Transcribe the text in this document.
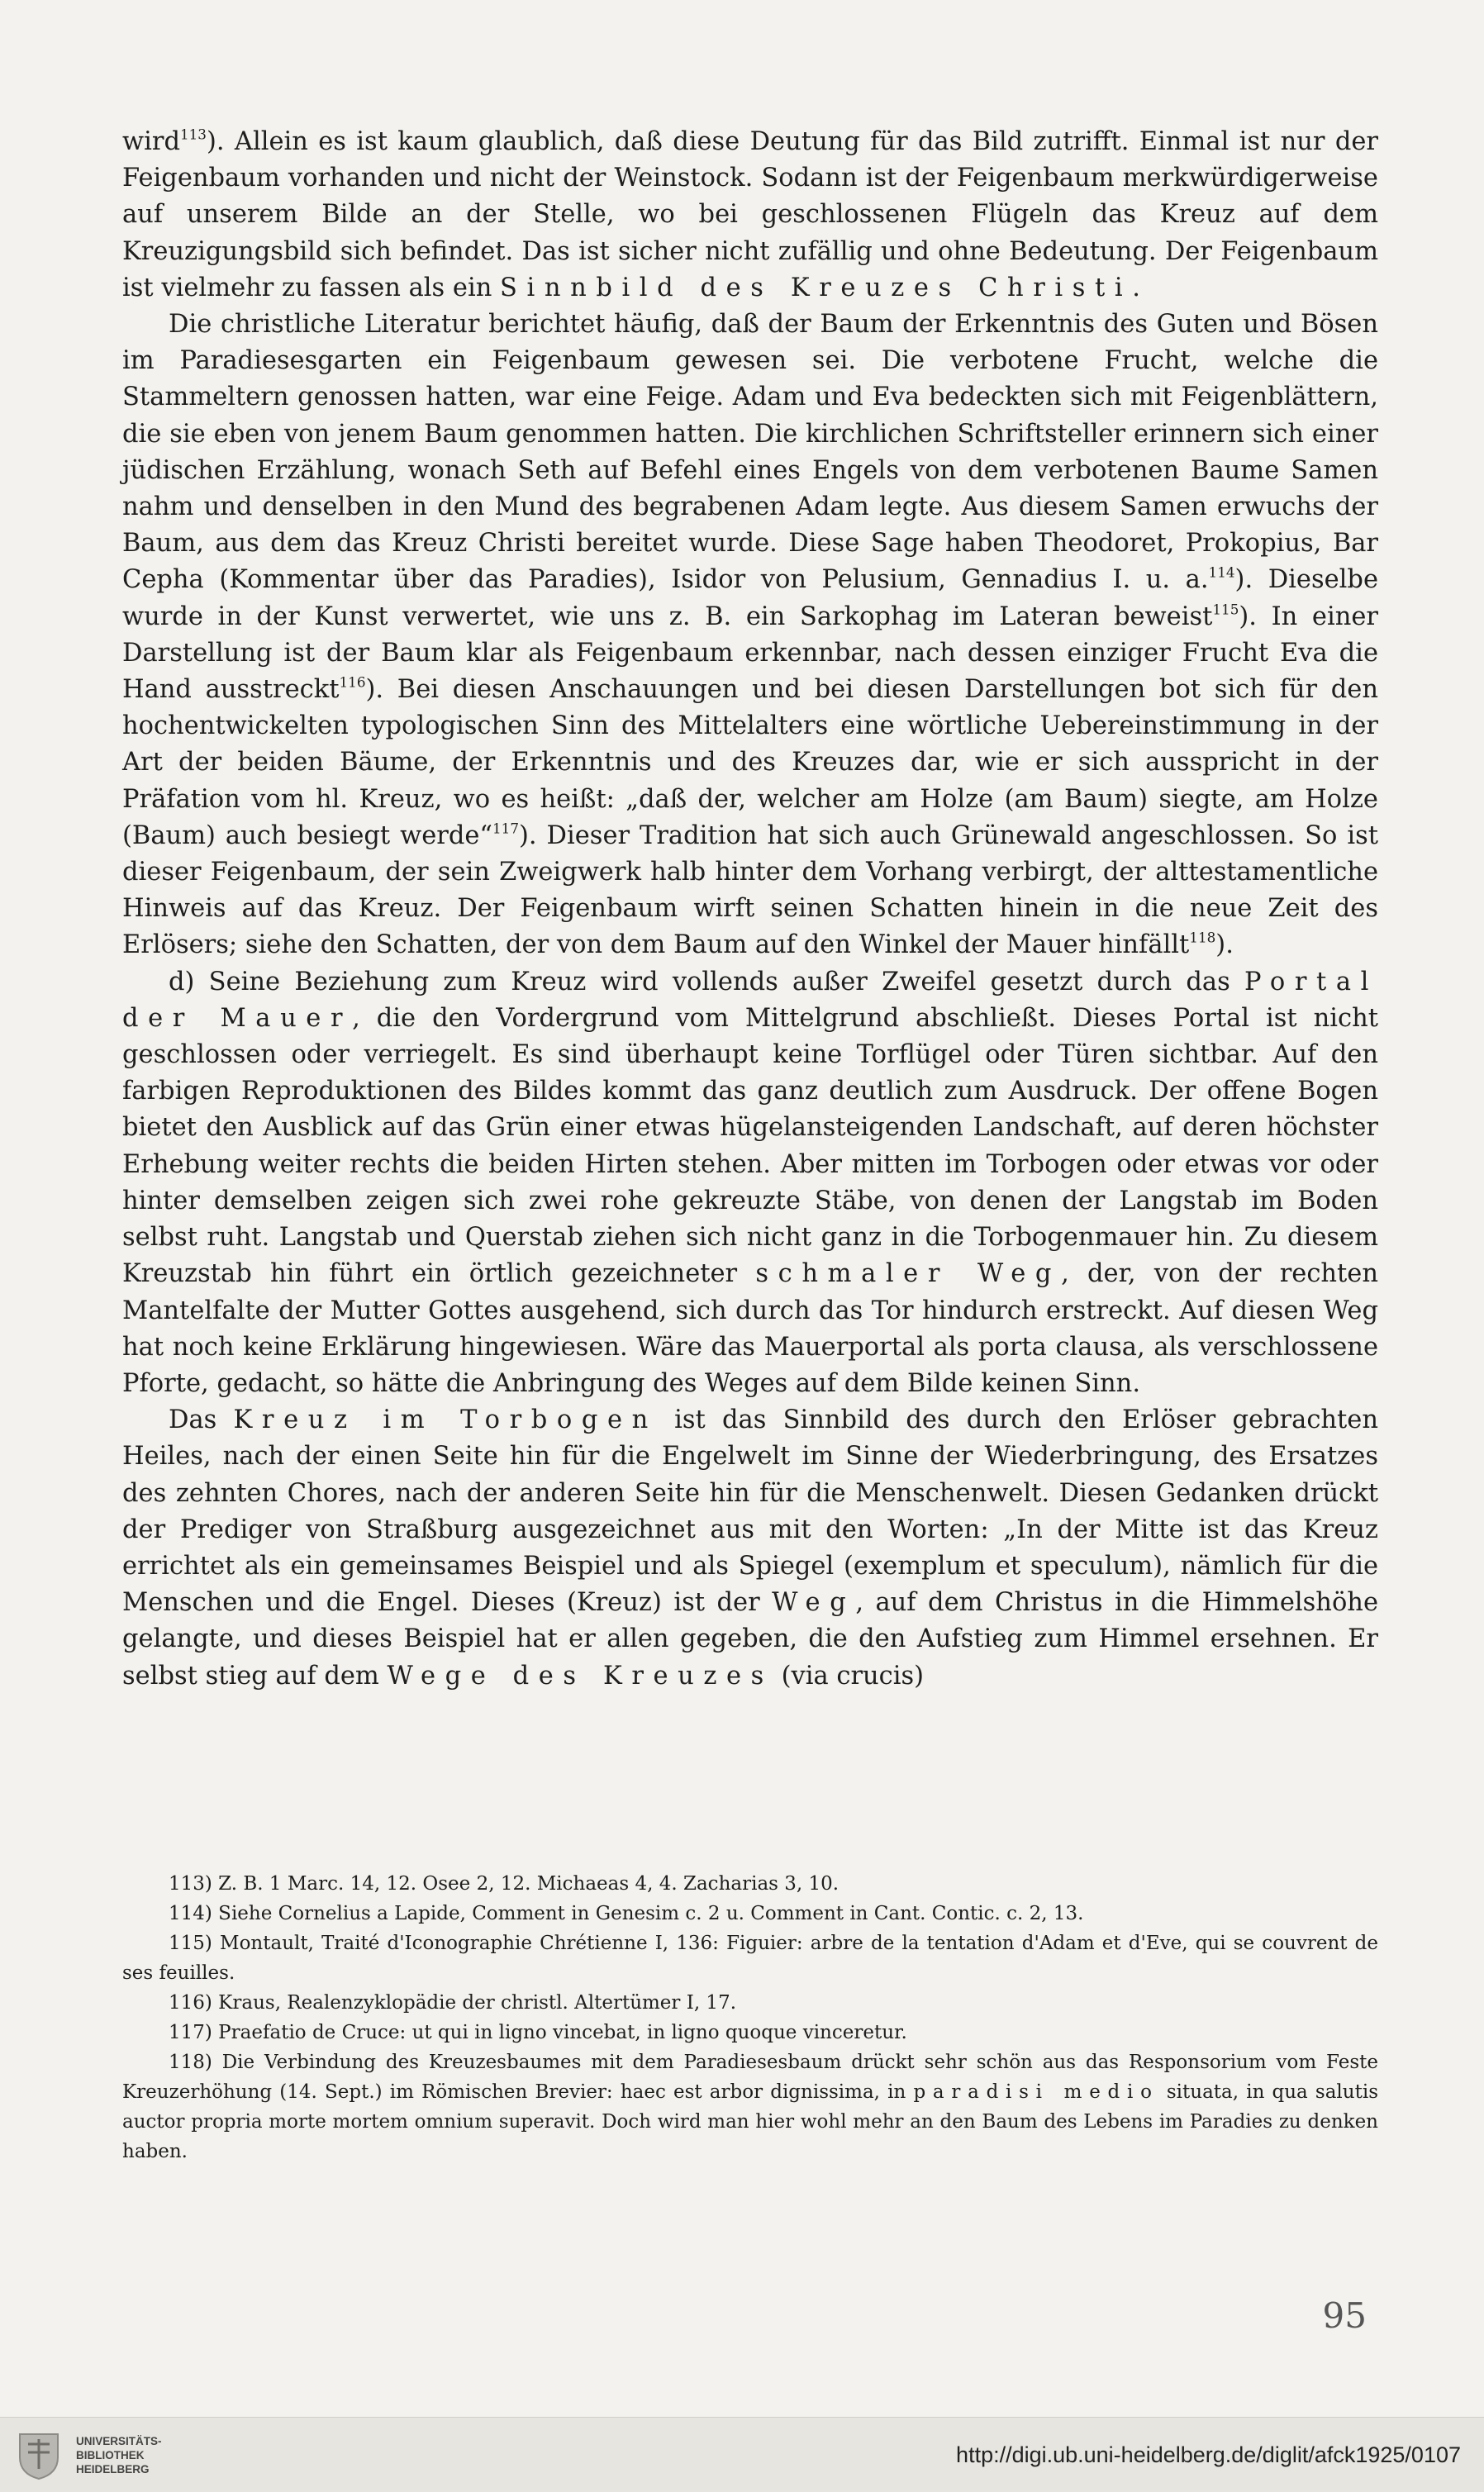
wird$^{113}$). Allein es ist kaum glaublich, daß diese Deutung für das Bild zutrifft. Einmal ist nur der Feigenbaum vorhanden und nicht der Weinstock. Sodann ist der Feigenbaum merkwürdigerweise auf unserem Bilde an der Stelle, wo bei geschlossenen Flügeln das Kreuz auf dem Kreuzigungsbild sich befindet. Das ist sicher nicht zufällig und ohne Bedeutung. Der Feigenbaum ist vielmehr zu fassen als ein Sinnbild des Kreuzes Christi.

Die christliche Literatur berichtet häufig, daß der Baum der Erkenntnis des Guten und Bösen im Paradiesesgarten ein Feigenbaum gewesen sei. Die verbotene Frucht, welche die Stammeltern genossen hatten, war eine Feige. Adam und Eva bedeckten sich mit Feigenblättern, die sie eben von jenem Baum genommen hatten. Die kirchlichen Schriftsteller erinnern sich einer jüdischen Erzählung, wonach Seth auf Befehl eines Engels von dem verbotenen Baume Samen nahm und denselben in den Mund des begrabenen Adam legte. Aus diesem Samen erwuchs der Baum, aus dem das Kreuz Christi bereitet wurde. Diese Sage haben Theodoret, Prokopius, Bar Cepha (Kommentar über das Paradies), Isidor von Pelusium, Gennadius I. u. a.$^{114}$). Dieselbe wurde in der Kunst verwertet, wie uns z. B. ein Sarkophag im Lateran beweist$^{115}$). In einer Darstellung ist der Baum klar als Feigenbaum erkennbar, nach dessen einziger Frucht Eva die Hand ausstreckt$^{116}$). Bei diesen Anschauungen und bei diesen Darstellungen bot sich für den hochentwickelten typologischen Sinn des Mittelalters eine wörtliche Uebereinstimmung in der Art der beiden Bäume, der Erkenntnis und des Kreuzes dar, wie er sich ausspricht in der Präfation vom hl. Kreuz, wo es heißt: „daß der, welcher am Holze (am Baum) siegte, am Holze (Baum) auch besiegt werde“$^{117}$). Dieser Tradition hat sich auch Grünewald angeschlossen. So ist dieser Feigenbaum, der sein Zweigwerk halb hinter dem Vorhang verbirgt, der alttestamentliche Hinweis auf das Kreuz. Der Feigenbaum wirft seinen Schatten hinein in die neue Zeit des Erlösers; siehe den Schatten, der von dem Baum auf den Winkel der Mauer hinfällt$^{118}$).

d) Seine Beziehung zum Kreuz wird vollends außer Zweifel gesetzt durch das Portal der Mauer, die den Vordergrund vom Mittelgrund abschließt. Dieses Portal ist nicht geschlossen oder verriegelt. Es sind überhaupt keine Torflügel oder Türen sichtbar. Auf den farbigen Reproduktionen des Bildes kommt das ganz deutlich zum Ausdruck. Der offene Bogen bietet den Ausblick auf das Grün einer etwas hügelansteigenden Landschaft, auf deren höchster Erhebung weiter rechts die beiden Hirten stehen. Aber mitten im Torbogen oder etwas vor oder hinter demselben zeigen sich zwei rohe gekreuzte Stäbe, von denen der Langstab im Boden selbst ruht. Langstab und Querstab ziehen sich nicht ganz in die Torbogenmauer hin. Zu diesem Kreuzstab hin führt ein örtlich gezeichneter schmaler Weg, der, von der rechten Mantelfalte der Mutter Gottes ausgehend, sich durch das Tor hindurch erstreckt. Auf diesen Weg hat noch keine Erklärung hingewiesen. Wäre das Mauerportal als porta clausa, als verschlossene Pforte, gedacht, so hätte die Anbringung des Weges auf dem Bilde keinen Sinn.

Das Kreuz im Torbogen ist das Sinnbild des durch den Erlöser gebrachten Heiles, nach der einen Seite hin für die Engelwelt im Sinne der Wiederbringung, des Ersatzes des zehnten Chores, nach der anderen Seite hin für die Menschenwelt. Diesen Gedanken drückt der Prediger von Straßburg ausgezeichnet aus mit den Worten: „In der Mitte ist das Kreuz errichtet als ein gemeinsames Beispiel und als Spiegel (exemplum et speculum), nämlich für die Menschen und die Engel. Dieses (Kreuz) ist der Weg, auf dem Christus in die Himmelshöhe gelangte, und dieses Beispiel hat er allen gegeben, die den Aufstieg zum Himmel ersehnen. Er selbst stieg auf dem Wege des Kreuzes (via crucis)

113) Z. B. 1 Marc. 14, 12. Osee 2, 12. Michaeas 4, 4. Zacharias 3, 10.

114) Siehe Cornelius a Lapide, Comment in Genesim c. 2 u. Comment in Cant. Contic. c. 2, 13.

115) Montault, Traité d'Iconographie Chrétienne I, 136: Figuier: arbre de la tentation d'Adam et d'Eve, qui se couvrent de ses feuilles.

116) Kraus, Realenzyklopädie der christl. Altertümer I, 17.

117) Praefatio de Cruce: ut qui in ligno vincebat, in ligno quoque vinceretur.

118) Die Verbindung des Kreuzesbaumes mit dem Paradiesesbaum drückt sehr schön aus das Responsorium vom Feste Kreuzerhöhung (14. Sept.) im Römischen Brevier: haec est arbor dignissima, in paradisi medio situata, in qua salutis auctor propria morte mortem omnium superavit. Doch wird man hier wohl mehr an den Baum des Lebens im Paradies zu denken haben.

95
UNIVERSITÄTS-
BIBLIOTHEK
HEIDELBERG
http://digi.ub.uni-heidelberg.de/diglit/afck1925/0107
